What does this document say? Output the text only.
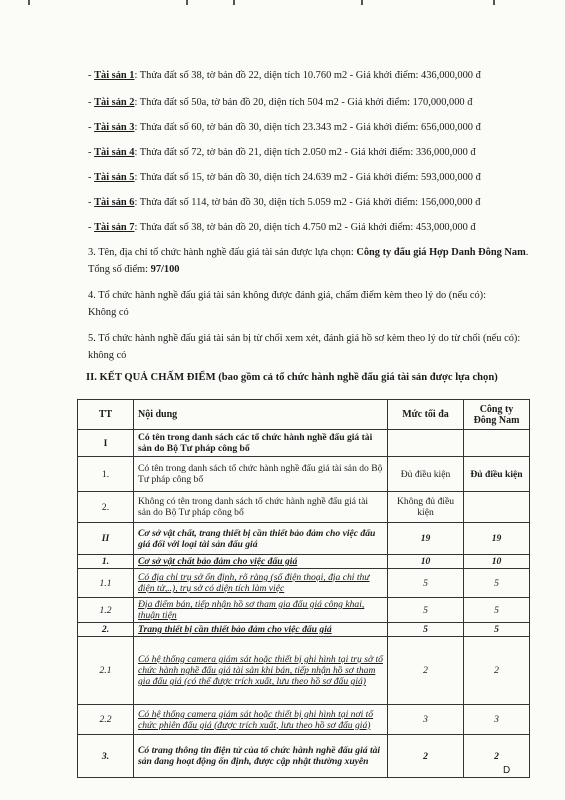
- Tài sản 1: Thửa đất số 38, tờ bản đồ 22, diện tích 10.760 m2 - Giá khởi điểm: 436,000,000 đ
- Tài sản 2: Thửa đất số 50a, tờ bản đồ 20, diện tích 504 m2 - Giá khởi điểm: 170,000,000 đ
- Tài sản 3: Thửa đất số 60, tờ bản đồ 30, diện tích 23.343 m2 - Giá khởi điểm: 656,000,000 đ
- Tài sản 4: Thửa đất số 72, tờ bản đồ 21, diện tích 2.050 m2 - Giá khởi điểm: 336,000,000 đ
- Tài sản 5: Thửa đất số 15, tờ bản đồ 30, diện tích 24.639 m2 - Giá khởi điểm: 593,000,000 đ
- Tài sản 6: Thửa đất số 114, tờ bản đồ 30, diện tích 5.059 m2 - Giá khởi điểm: 156,000,000 đ
- Tài sản 7: Thửa đất số 38, tờ bản đồ 20, diện tích 4.750 m2 - Giá khởi điểm: 453,000,000 đ
3. Tên, địa chỉ tổ chức hành nghề đấu giá tài sản được lựa chọn: Công ty đấu giá Hợp Danh Đông Nam. Tổng số điểm: 97/100
4. Tổ chức hành nghề đấu giá tài sản không được đánh giá, chấm điểm kèm theo lý do (nếu có):
Không có
5. Tổ chức hành nghề đấu giá tài sản bị từ chối xem xét, đánh giá hồ sơ kèm theo lý do từ chối (nếu có): không có
II. KẾT QUẢ CHẤM ĐIỂM (bao gồm cả tổ chức hành nghề đấu giá tài sản được lựa chọn)
TT	Nội dung	Mức tối đa	Công ty Đông Nam
I	Có tên trong danh sách các tổ chức hành nghề đấu giá tài sản do Bộ Tư pháp công bố		
1.	Có tên trong danh sách tổ chức hành nghề đấu giá tài sản do Bộ Tư pháp công bố	Đủ điều kiện	Đủ điều kiện
2.	Không có tên trong danh sách tổ chức hành nghề đấu giá tài sản do Bộ Tư pháp công bố	Không đủ điều kiện	
II	Cơ sở vật chất, trang thiết bị cần thiết bảo đảm cho việc đấu giá đối với loại tài sản đấu giá	19	19
1.	Cơ sở vật chất bảo đảm cho việc đấu giá	10	10
1.1	Có địa chỉ trụ sở ổn định, rõ ràng (số điện thoại, địa chỉ thư điện tử,..), trụ sở có diện tích làm việc	5	5
1.2	Địa điểm bán, tiếp nhận hồ sơ tham gia đấu giá công khai, thuận tiện	5	5
2.	Trang thiết bị cần thiết bảo đảm cho việc đấu giá	5	5
2.1	Có hệ thống camera giám sát hoặc thiết bị ghi hình tại trụ sở tổ chức hành nghề đấu giá tài sản khi bán, tiếp nhận hồ sơ tham gia đấu giá (có thể được trích xuất, lưu theo hồ sơ đấu giá)	2	2
2.2	Có hệ thống camera giám sát hoặc thiết bị ghi hình tại nơi tổ chức phiên đấu giá (được trích xuất, lưu theo hồ sơ đấu giá)	3	3
3.	Có trang thông tin điện tử của tổ chức hành nghề đấu giá tài sản đang hoạt động ổn định, được cập nhật thường xuyên	2	2
D
